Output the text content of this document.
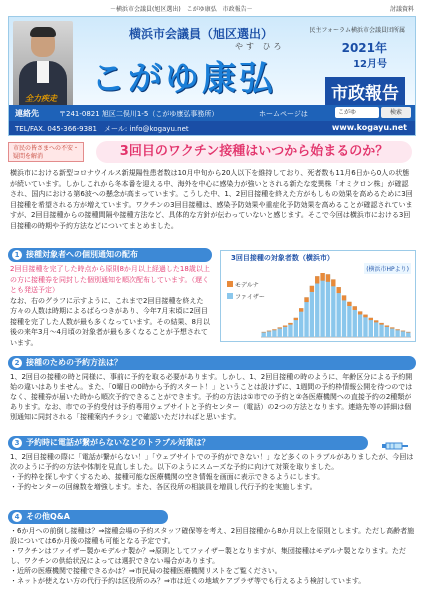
－横浜市会議員(旭区選出)　こがゆ康弘　市政報告－	討議資料
全力疾走
横浜市会議員（旭区選出）	民主フォーラム横浜市会議員団所属
やす ひろ	2021年
12月号
こがゆ康弘	市政報告
連絡先	〒241-0821 旭区二俣川1-5（こがゆ康弘事務所）	ホームページは	こがゆ	検索
TEL/FAX. 045-366-9381　メール: info@kogayu.net	www.kogayu.net
市民の皆さまへの不安・疑問を解消	3回目のワクチン接種はいつから始まるのか？

横浜市における新型コロナウイルス新規陽性患者数は10月中旬から20人以下を維持しており、死者数も11月6日から0人の状態が続いています。しかしこれから冬本番を迎える中、海外を中心に感染力が強いとされる新たな変異株「オミクロン株」が確認され、国内における第6波への懸念が高まっています。こうした中、1、2回目接種を終えた方がもしもの効果を高めるために3回目接種を希望される方が増えています。ワクチンの3回目接種は、感染予防効果や重症化予防効果を高めることが確認されていますが、2回目接種からの接種間隔や接種方法など、具体的な方針が伝わっていないと感じます。そこで今回は横浜市における3回目接種の時期や予約方法などについてまとめました。

1 接種対象者への個別通知の配布

2回目接種を完了した時点から原則8か月以上経過した18歳以上の方に接種券を同封した個別通知を順次配布しています。（遅くとも発送予定）

なお、右のグラフに示すように、これまで2回目接種を終えた方々の人数は時期によるばらつきがあり、今年7月末頃に2回目接種を完了した人数が最も多くなっています。その結果、8月以後の来年3月～4月頃の対象者が最も多くなることが予想されています。

3回目接種の対象者数（横浜市）
(横浜市HPより)
モデルナ
ファイザー
2 接種のための予約方法は？

1、2回目の接種の時と同様に、事前に予約を取る必要があります。しかし、1、2回目接種の時のように、年齢区分による予約開始の違いはありません。また、「0曜日の0時から予約スタート！」ということは設けずに、1週間の予約枠情報公開を待つのではなく、接種券が届いた時から順次予約できることができます。予約の方法は①市での予約と②各医療機関への直接予約の2種類があります。なお、市での予約受付は予約専用ウェブサイトと予約センター（電話）の2つの方法となります。連絡先等の詳細は個別通知に同封される「接種案内チラシ」で確認いただければと思います。

3 予約時に電話が繋がらないなどのトラブル対策は？

1、2回目接種の際に「電話が繋がらない！」「ウェブサイトでの予約ができない！」など多くのトラブルがありましたが、今回は次のように予約の方法や体制を見直しました。以下のようにスムーズな予約に向けて対策を取りました。

・予約枠を探しやすくするため、接種可能な医療機関の空き情報を画面に表示できるようにします。

・予約センターの回線数を増強します。また、各区役所の相談員を増員し代行予約を実施します。

4 その他Q&A

・6か月への前倒し接種は？⇒接種会場の予約スタッフ確保等を考え、2回目接種から8か月以上を原則とします。ただし高齢者施設については6か月後の接種も可能となる予定です。

・ワクチンはファイザー製かモデルナ製か？⇒原則としてファイザー製となりますが、集団接種はモデルナ製となります。ただし、ワクチンの供給状況によっては選択できない場合があります。

・近所の医療機関で接種できるかは？⇒市民局の接種医療機関リストをご覧ください。

・ネットが使えない方の代行予約は区役所のみ？⇒市は近くの地域ケアプラザ等でも行えるよう検討しています。
